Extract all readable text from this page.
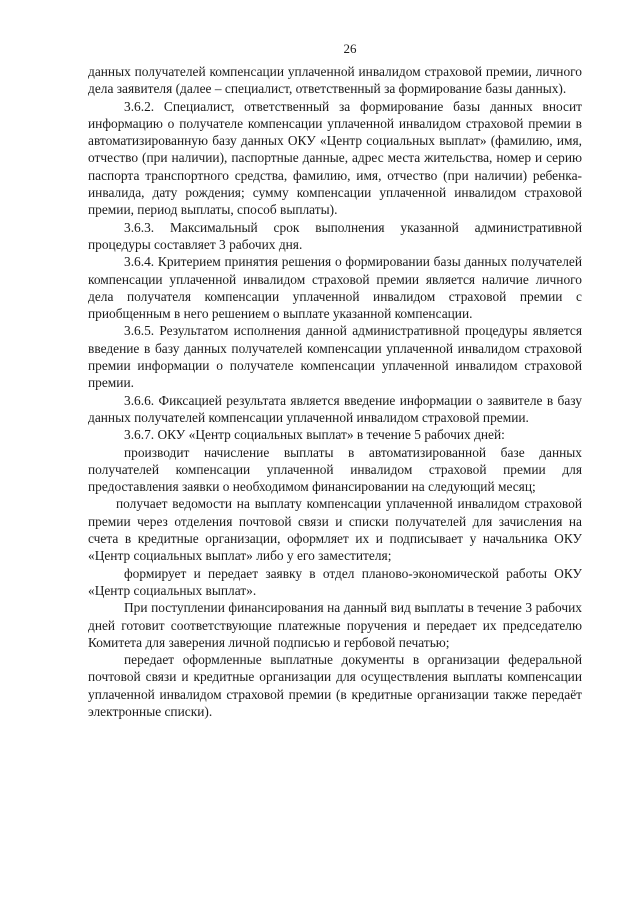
26

данных получателей компенсации уплаченной инвалидом страховой премии, личного дела заявителя (далее – специалист, ответственный за формирование базы данных).

3.6.2. Специалист, ответственный за формирование базы данных вносит информацию о получателе компенсации уплаченной инвалидом страховой премии в автоматизированную базу данных ОКУ «Центр социальных выплат» (фамилию, имя, отчество (при наличии), паспортные данные, адрес места жительства, номер и серию паспорта транспортного средства, фамилию, имя, отчество (при наличии) ребенка-инвалида, дату рождения; сумму компенсации уплаченной инвалидом страховой премии, период выплаты, способ выплаты).

3.6.3. Максимальный срок выполнения указанной административной процедуры составляет 3 рабочих дня.

3.6.4. Критерием принятия решения о формировании базы данных получателей компенсации уплаченной инвалидом страховой премии является наличие личного дела получателя компенсации уплаченной инвалидом страховой премии с приобщенным в него решением о выплате указанной компенсации.

3.6.5. Результатом исполнения данной административной процедуры является введение в базу данных получателей компенсации уплаченной инвалидом страховой премии информации о получателе компенсации уплаченной инвалидом страховой премии.

3.6.6. Фиксацией результата является введение информации о заявителе в базу данных получателей компенсации уплаченной инвалидом страховой премии.

3.6.7. ОКУ «Центр социальных выплат» в течение 5 рабочих дней:

производит начисление выплаты в автоматизированной базе данных получателей компенсации уплаченной инвалидом страховой премии для предоставления заявки о необходимом финансировании на следующий месяц;

получает ведомости на выплату компенсации уплаченной инвалидом страховой премии через отделения почтовой связи и списки получателей для зачисления на счета в кредитные организации, оформляет их и подписывает у начальника ОКУ «Центр социальных выплат» либо у его заместителя;

формирует и передает заявку в отдел планово-экономической работы ОКУ «Центр социальных выплат».

При поступлении финансирования на данный вид выплаты в течение 3 рабочих дней готовит соответствующие платежные поручения и передает их председателю Комитета для заверения личной подписью и гербовой печатью;

передает оформленные выплатные документы в организации федеральной почтовой связи и кредитные организации для осуществления выплаты компенсации уплаченной инвалидом страховой премии (в кредитные организации также передаёт электронные списки).
